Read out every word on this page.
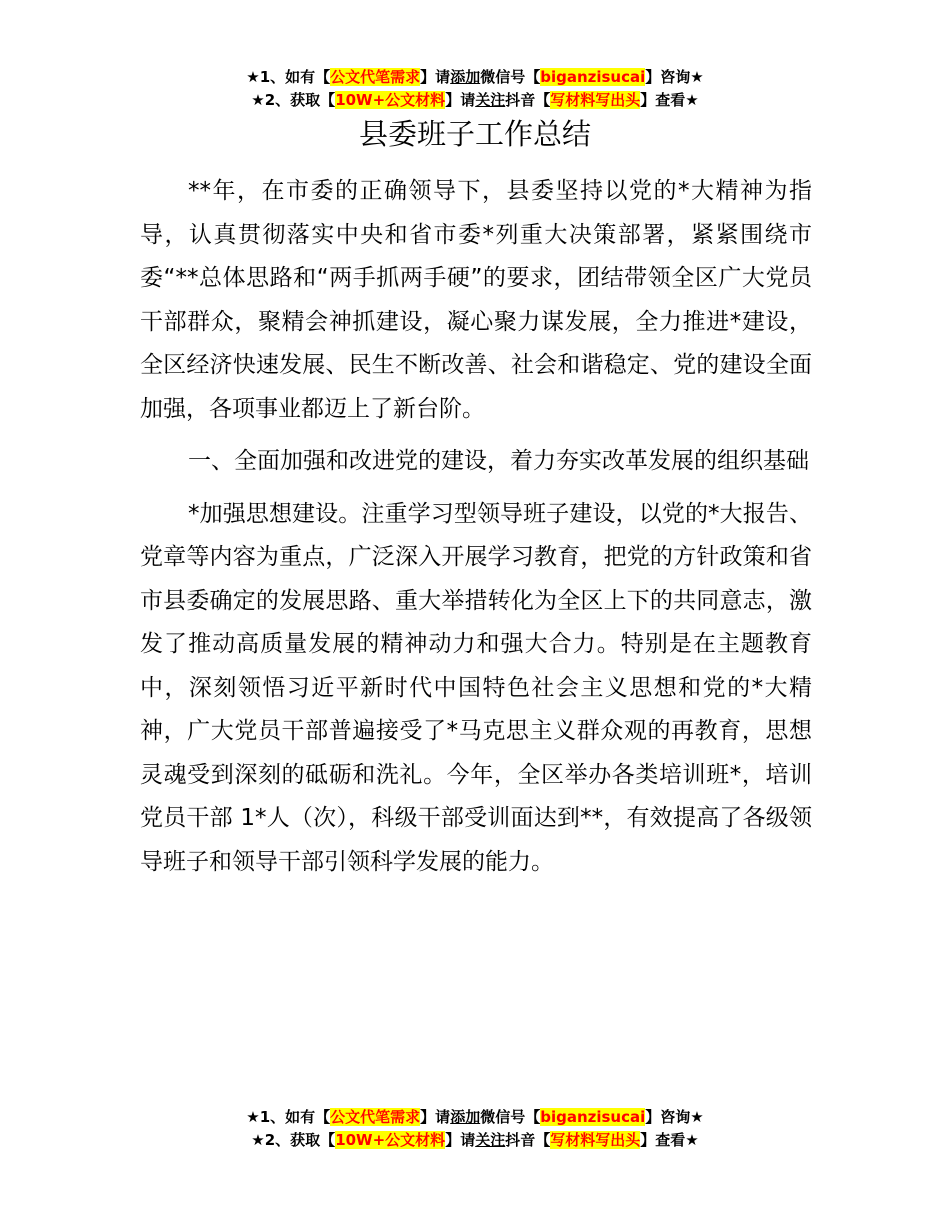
★1、如有【公文代笔需求】请添加微信号【biganzisucai】咨询★
★2、获取【10W+公文材料】请关注抖音【写材料写出头】查看★
县委班子工作总结

**年，在市委的正确领导下，县委坚持以党的*大精神为指导，认真贯彻落实中央和省市委*列重大决策部署，紧紧围绕市委“**总体思路和“两手抓两手硬”的要求，团结带领全区广大党员干部群众，聚精会神抓建设，凝心聚力谋发展，全力推进*建设，全区经济快速发展、民生不断改善、社会和谐稳定、党的建设全面加强，各项事业都迈上了新台阶。

一、全面加强和改进党的建设，着力夯实改革发展的组织基础

*加强思想建设。注重学习型领导班子建设，以党的*大报告、党章等内容为重点，广泛深入开展学习教育，把党的方针政策和省市县委确定的发展思路、重大举措转化为全区上下的共同意志，激发了推动高质量发展的精神动力和强大合力。特别是在主题教育中，深刻领悟习近平新时代中国特色社会主义思想和党的*大精神，广大党员干部普遍接受了*马克思主义群众观的再教育，思想灵魂受到深刻的砥砺和洗礼。今年，全区举办各类培训班*，培训党员干部 1*人（次），科级干部受训面达到**，有效提高了各级领导班子和领导干部引领科学发展的能力。

★1、如有【公文代笔需求】请添加微信号【biganzisucai】咨询★
★2、获取【10W+公文材料】请关注抖音【写材料写出头】查看★
